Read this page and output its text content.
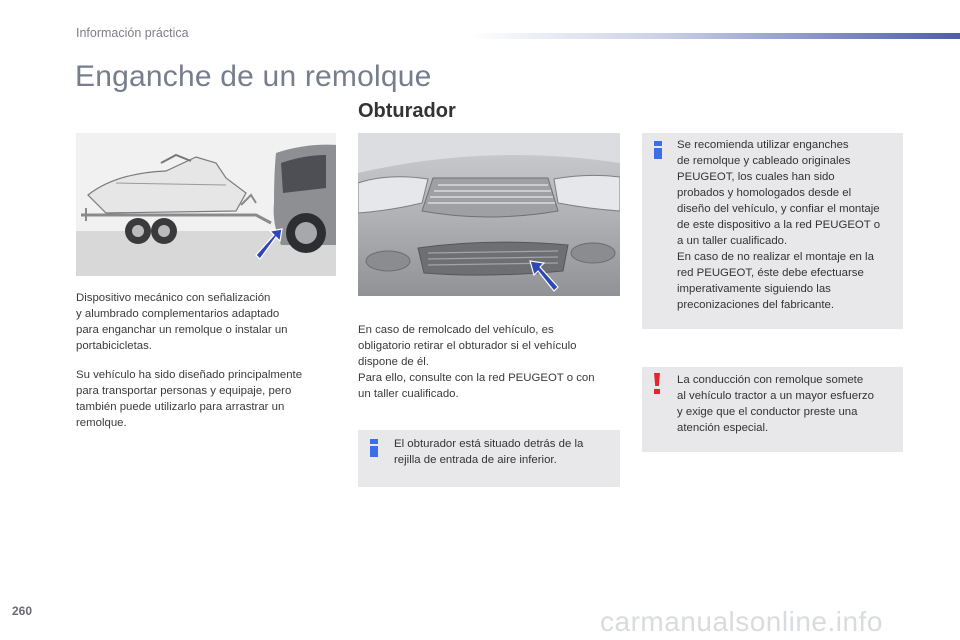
Información práctica
Enganche de un remolque
Dispositivo mecánico con señalización
y alumbrado complementarios adaptado
para enganchar un remolque o instalar un
portabicicletas.
Su vehículo ha sido diseñado principalmente
para transportar personas y equipaje, pero
también puede utilizarlo para arrastrar un
remolque.
Obturador
En caso de remolcado del vehículo, es
obligatorio retirar el obturador si el vehículo
dispone de él.
Para ello, consulte con la red PEUGEOT o con
un taller cualificado.
El obturador está situado detrás de la
rejilla de entrada de aire inferior.
Se recomienda utilizar enganches
de remolque y cableado originales
PEUGEOT, los cuales han sido
probados y homologados desde el
diseño del vehículo, y confiar el montaje
de este dispositivo a la red PEUGEOT o
a un taller cualificado.
En caso de no realizar el montaje en la
red PEUGEOT, éste debe efectuarse
imperativamente siguiendo las
preconizaciones del fabricante.
La conducción con remolque somete
al vehículo tractor a un mayor esfuerzo
y exige que el conductor preste una
atención especial.
260	carmanualsonline.info
